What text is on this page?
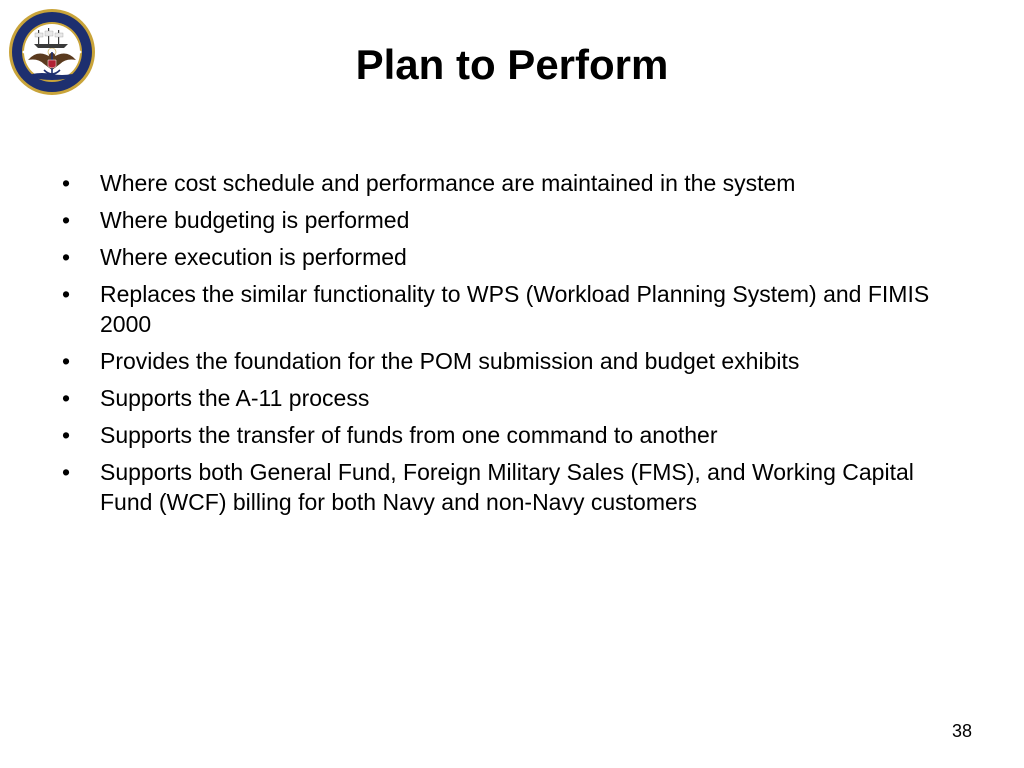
Plan to Perform
• Where cost schedule and performance are maintained in the system
• Where budgeting is performed
• Where execution is performed
• Replaces the similar functionality to WPS (Workload Planning System) and FIMIS 2000
• Provides the foundation for the POM submission and budget exhibits
• Supports the A-11 process
• Supports the transfer of funds from one command to another
• Supports both General Fund, Foreign Military Sales (FMS), and Working Capital Fund (WCF) billing for both Navy and non-Navy customers
38
